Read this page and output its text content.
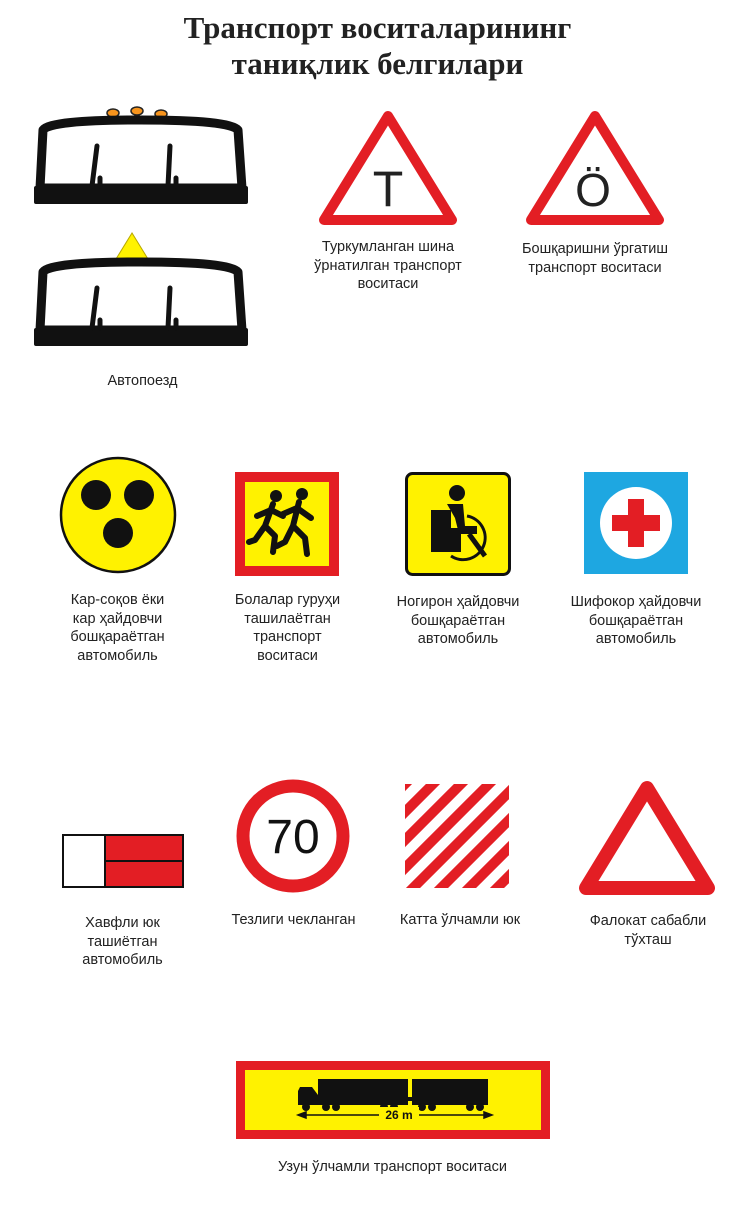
Транспорт воситаларининг
таниқлик белгилари
Автопоезд
T
Туркумланган шина
ўрнатилган транспорт
воситаси
Ӧ
Бошқаришни ўргатиш
транспорт воситаси
Кар-соқов ёки
кар ҳайдовчи
бошқараётган
автомобиль
Болалар гуруҳи
ташилаётган
транспорт
воситаси
Ногирон ҳайдовчи
бошқараётган
автомобиль
Шифокор ҳайдовчи
бошқараётган
автомобиль
Хавфли юк
ташиётган
автомобиль
70
Тезлиги чекланган	Катта ўлчамли юк	Фалокат сабабли
тўхташ
26 m
Узун ўлчамли транспорт воситаси
